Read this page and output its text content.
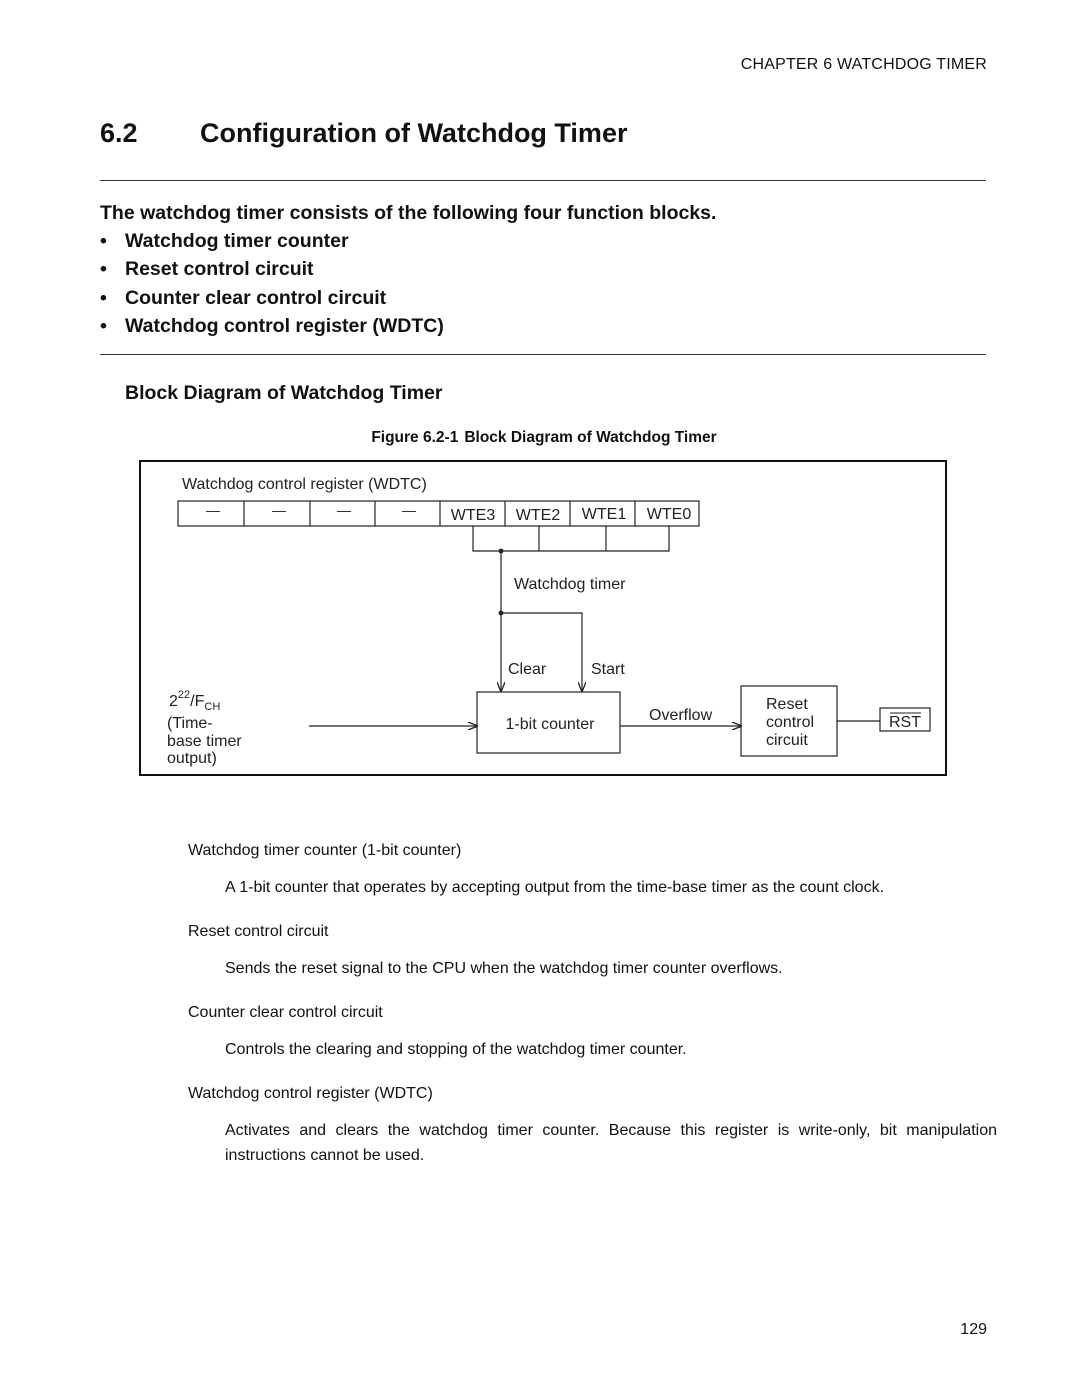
CHAPTER 6 WATCHDOG TIMER
6.2 Configuration of Watchdog Timer
The watchdog timer consists of the following four function blocks.
• Watchdog timer counter
• Reset control circuit
• Counter clear control circuit
• Watchdog control register (WDTC)
Block Diagram of Watchdog Timer
Figure 6.2-1 Block Diagram of Watchdog Timer
Watchdog control register (WDTC)
—	—	—	— WTE3 WTE2 WTE1 WTE0
Watchdog timer
Clear	Start
$2^{22}/F_{CH}$
(Time-
base timer
output)
1-bit counter
Overflow
Reset
control
circuit
RST
Watchdog timer counter (1-bit counter)
A 1-bit counter that operates by accepting output from the time-base timer as the count clock.
Reset control circuit
Sends the reset signal to the CPU when the watchdog timer counter overflows.
Counter clear control circuit
Controls the clearing and stopping of the watchdog timer counter.
Watchdog control register (WDTC)
Activates and clears the watchdog timer counter. Because this register is write-only, bit manipulation instructions cannot be used.
129
